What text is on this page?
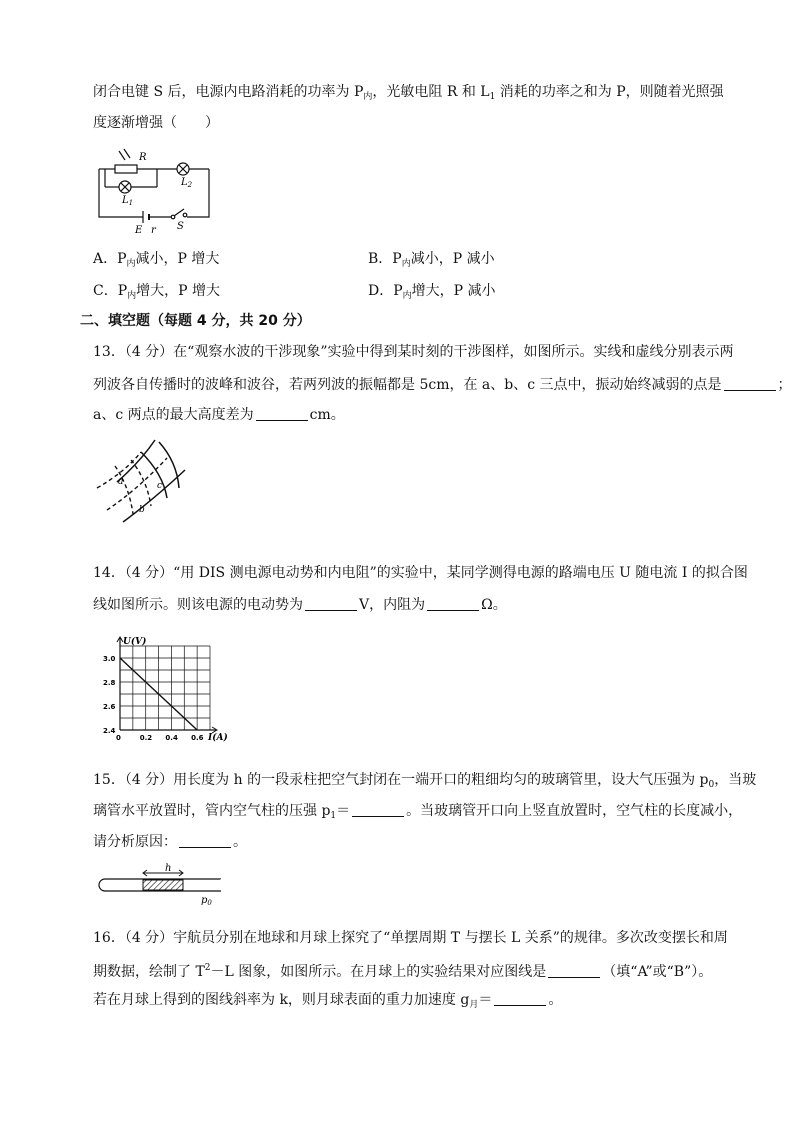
闭合电键 S 后，电源内电路消耗的功率为 $P_内$，光敏电阻 R 和 $L_1$ 消耗的功率之和为 P，则随着光照强
度逐渐增强（　　）
R
$L_1$
$L_2$
E r S
A．$P_内$减小，P 增大	B．$P_内$减小，P 减小
C．$P_内$增大，P 增大	D．$P_内$增大，P 减小
二、填空题（每题 4 分，共 20 分）
13．（4 分）在“观察水波的干涉现象”实验中得到某时刻的干涉图样，如图所示。实线和虚线分别表示两
列波各自传播时的波峰和波谷，若两列波的振幅都是 5cm，在 a、b、c 三点中，振动始终减弱的点是	；
a、c 两点的最大高度差为	cm。
a
b
c
14．（4 分）“用 DIS 测电源电动势和内电阻”的实验中，某同学测得电源的路端电压 U 随电流 I 的拟合图
线如图所示。则该电源的电动势为	V，内阻为	Ω。
0	0.2 0.4 0.6
2.4
2.6
2.8
3.0
U(V)
I(A)
15．（4 分）用长度为 h 的一段汞柱把空气封闭在一端开口的粗细均匀的玻璃管里，设大气压强为 $p_0$，当玻
璃管水平放置时，管内空气柱的压强 $p_1=$	。当玻璃管开口向上竖直放置时，空气柱的长度减小，
请分析原因：	。
h
$p_0$
16．（4 分）宇航员分别在地球和月球上探究了“单摆周期 T 与摆长 L 关系”的规律。多次改变摆长和周
期数据，绘制了 $T^2-L$ 图象，如图所示。在月球上的实验结果对应图线是	（填“A”或“B”）。
若在月球上得到的图线斜率为 k，则月球表面的重力加速度 $g_月=$	。
